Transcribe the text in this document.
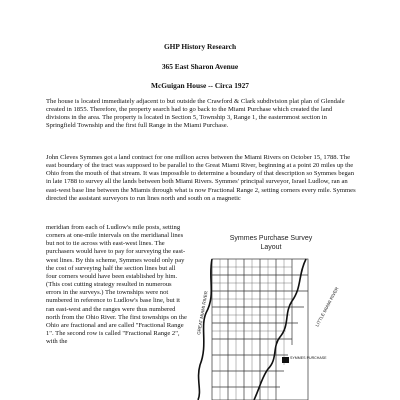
GHP History Research
365 East Sharon Avenue
McGuigan House -- Circa 1927

The house is located immediately adjacent to but outside the Crawford & Clark subdivision plat plan of Glendale created in 1855. Therefore, the property search had to go back to the Miami Purchase which created the land divisions in the area. The property is located in Section 5, Township 3, Range 1, the easternmost section in Springfield Township and the first full Range in the Miami Purchase.

John Cleves Symmes got a land contract for one million acres between the Miami Rivers on October 15, 1788. The east boundary of the tract was supposed to be parallel to the Great Miami River, beginning at a point 20 miles up the Ohio from the mouth of that stream. It was impossible to determine a boundary of that description so Symmes began in late 1788 to survey all the lands between both Miami Rivers. Symmes' principal surveyor, Israel Ludlow, ran an east-west base line between the Miamis through what is now Fractional Range 2, setting corners every mile. Symmes directed the assistant surveyors to run lines north and south on a magnetic

meridian from each of Ludlow's mile posts, setting corners at one-mile intervals on the meridianal lines but not to tie across with east-west lines. The purchasers would have to pay for surveying the east-west lines. By this scheme, Symmes would only pay the cost of surveying half the section lines but all four corners would have been established by him. (This cost cutting strategy resulted in numerous errors in the surveys.) The townships were not numbered in reference to Ludlow's base line, but it ran east-west and the ranges were thus numbered north from the Ohio River. The first townships on the Ohio are fractional and are called "Fractional Range 1". The second row is called "Fractional Range 2", with the

Symmes Purchase Survey
Layout
LITTLE MIAMI RIVER
GREAT MIAMI RIVER
SYMMES PURCHASE
